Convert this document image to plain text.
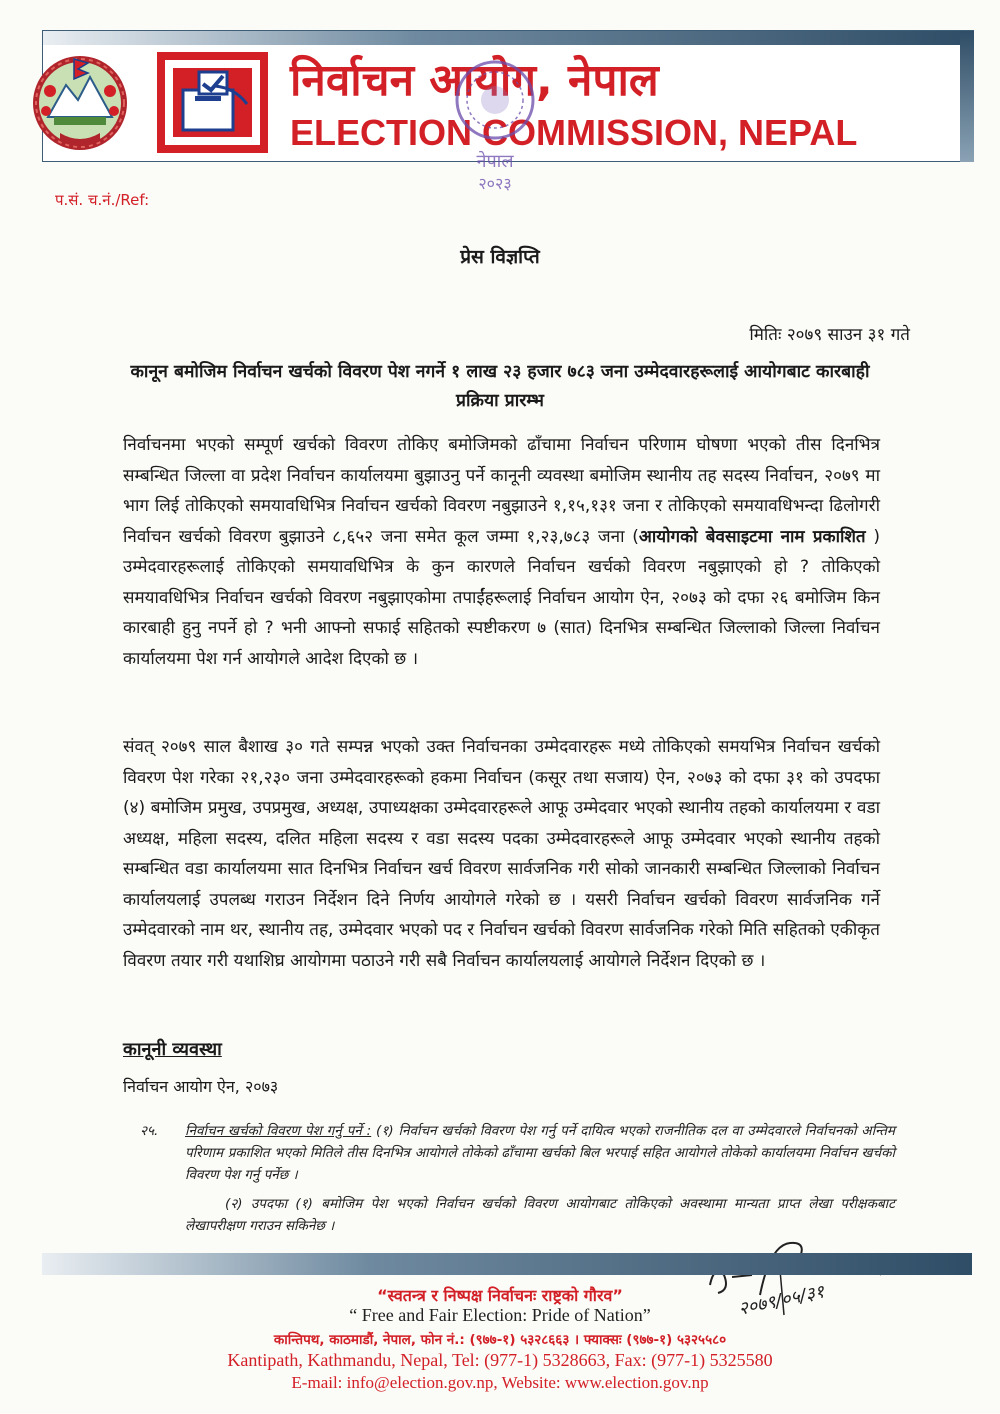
निर्वाचन आयोग, नेपाल
ELECTION COMMISSION, NEPAL
नेपाल
२०२३
प.सं. च.नं./Ref:
प्रेस विज्ञप्ति
मितिः २०७९ साउन ३१ गते
कानून बमोजिम निर्वाचन खर्चको विवरण पेश नगर्ने १ लाख २३ हजार ७८३ जना उम्मेदवारहरूलाई आयोगबाट कारबाही प्रक्रिया प्रारम्भ
निर्वाचनमा भएको सम्पूर्ण खर्चको विवरण तोकिए बमोजिमको ढाँचामा निर्वाचन परिणाम घोषणा भएको तीस दिनभित्र सम्बन्धित जिल्ला वा प्रदेश निर्वाचन कार्यालयमा बुझाउनु पर्ने कानूनी व्यवस्था बमोजिम स्थानीय तह सदस्य निर्वाचन, २०७९ मा भाग लिई तोकिएको समयावधिभित्र निर्वाचन खर्चको विवरण नबुझाउने १,१५,१३१ जना र तोकिएको समयावधिभन्दा ढिलोगरी निर्वाचन खर्चको विवरण बुझाउने ८,६५२ जना समेत कूल जम्मा १,२३,७८३ जना (आयोगको बेवसाइटमा नाम प्रकाशित ) उम्मेदवारहरूलाई तोकिएको समयावधिभित्र के कुन कारणले निर्वाचन खर्चको विवरण नबुझाएको हो ? तोकिएको समयावधिभित्र निर्वाचन खर्चको विवरण नबुझाएकोमा तपाईंहरूलाई निर्वाचन आयोग ऐन, २०७३ को दफा २६ बमोजिम किन कारबाही हुनु नपर्ने हो ? भनी आफ्नो सफाई सहितको स्पष्टीकरण ७ (सात) दिनभित्र सम्बन्धित जिल्लाको जिल्ला निर्वाचन कार्यालयमा पेश गर्न आयोगले आदेश दिएको छ ।
संवत् २०७९ साल बैशाख ३० गते सम्पन्न भएको उक्त निर्वाचनका उम्मेदवारहरू मध्ये तोकिएको समयभित्र निर्वाचन खर्चको विवरण पेश गरेका २१,२३० जना उम्मेदवारहरूको हकमा निर्वाचन (कसूर तथा सजाय) ऐन, २०७३ को दफा ३१ को उपदफा (४) बमोजिम प्रमुख, उपप्रमुख, अध्यक्ष, उपाध्यक्षका उम्मेदवारहरूले आफू उम्मेदवार भएको स्थानीय तहको कार्यालयमा र वडा अध्यक्ष, महिला सदस्य, दलित महिला सदस्य र वडा सदस्य पदका उम्मेदवारहरूले आफू उम्मेदवार भएको स्थानीय तहको सम्बन्धित वडा कार्यालयमा सात दिनभित्र निर्वाचन खर्च विवरण सार्वजनिक गरी सोको जानकारी सम्बन्धित जिल्लाको निर्वाचन कार्यालयलाई उपलब्ध गराउन निर्देशन दिने निर्णय आयोगले गरेको छ । यसरी निर्वाचन खर्चको विवरण सार्वजनिक गर्ने उम्मेदवारको नाम थर, स्थानीय तह, उम्मेदवार भएको पद र निर्वाचन खर्चको विवरण सार्वजनिक गरेको मिति सहितको एकीकृत विवरण तयार गरी यथाशिघ्र आयोगमा पठाउने गरी सबै निर्वाचन कार्यालयलाई आयोगले निर्देशन दिएको छ ।
कानूनी व्यवस्था
निर्वाचन आयोग ऐन, २०७३
२५. निर्वाचन खर्चको विवरण पेश गर्नु पर्ने : (१) निर्वाचन खर्चको विवरण पेश गर्नु पर्ने दायित्व भएको राजनीतिक दल वा उम्मेदवारले निर्वाचनको अन्तिम परिणाम प्रकाशित भएको मितिले तीस दिनभित्र आयोगले तोकेको ढाँचामा खर्चको बिल भरपाई सहित आयोगले तोकेको कार्यालयमा निर्वाचन खर्चको विवरण पेश गर्नु पर्नेछ ।
(२) उपदफा (१) बमोजिम पेश भएको निर्वाचन खर्चको विवरण आयोगबाट तोकिएको अवस्थामा मान्यता प्राप्त लेखा परीक्षकबाट लेखापरीक्षण गराउन सकिनेछ ।
२०७९/०५/३१
“स्वतन्त्र र निष्पक्ष निर्वाचनः राष्ट्रको गौरव”
“ Free and Fair Election: Pride of Nation”
कान्तिपथ, काठमाडौं, नेपाल, फोन नं.: (९७७-१) ५३२८६६३ । फ्याक्सः (९७७-१) ५३२५५८०
Kantipath, Kathmandu, Nepal, Tel: (977-1) 5328663, Fax: (977-1) 5325580
E-mail: info@election.gov.np, Website: www.election.gov.np
